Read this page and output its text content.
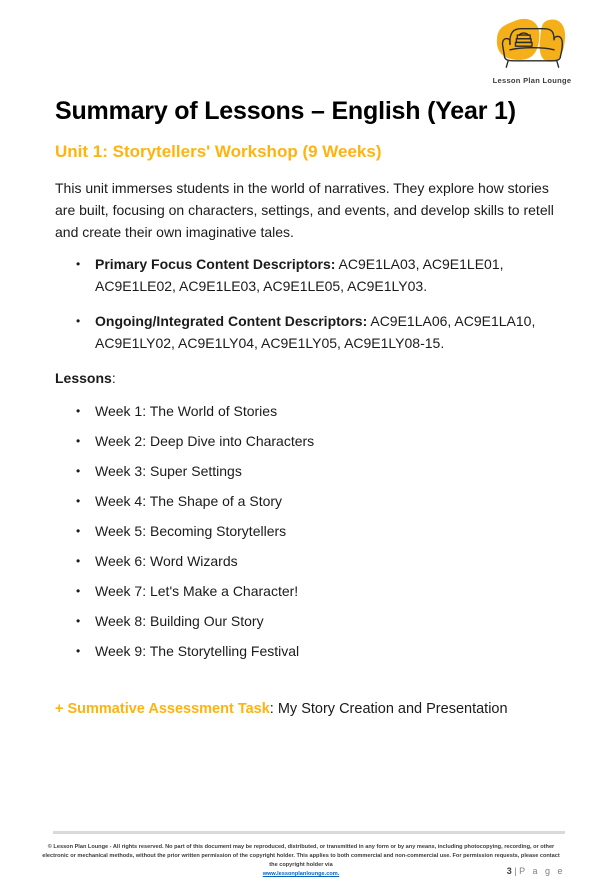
Lesson Plan Lounge
Summary of Lessons – English (Year 1)
Unit 1: Storytellers' Workshop (9 Weeks)

This unit immerses students in the world of narratives. They explore how stories are built, focusing on characters, settings, and events, and develop skills to retell and create their own imaginative tales.

• Primary Focus Content Descriptors: AC9E1LA03, AC9E1LE01, AC9E1LE02, AC9E1LE03, AC9E1LE05, AC9E1LY03.
• Ongoing/Integrated Content Descriptors: AC9E1LA06, AC9E1LA10, AC9E1LY02, AC9E1LY04, AC9E1LY05, AC9E1LY08-15.
Lessons:
• Week 1: The World of Stories
• Week 2: Deep Dive into Characters
• Week 3: Super Settings
• Week 4: The Shape of a Story
• Week 5: Becoming Storytellers
• Week 6: Word Wizards
• Week 7: Let's Make a Character!
• Week 8: Building Our Story
• Week 9: The Storytelling Festival
+ Summative Assessment Task: My Story Creation and Presentation
© Lesson Plan Lounge - All rights reserved. No part of this document may be reproduced, distributed, or transmitted in any form or by any means, including photocopying, recording, or other electronic or mechanical methods, without the prior written permission of the copyright holder. This applies to both commercial and non-commercial use. For permission requests, please contact the copyright holder via
www.lessonplanlounge.com.	3 | P a g e
